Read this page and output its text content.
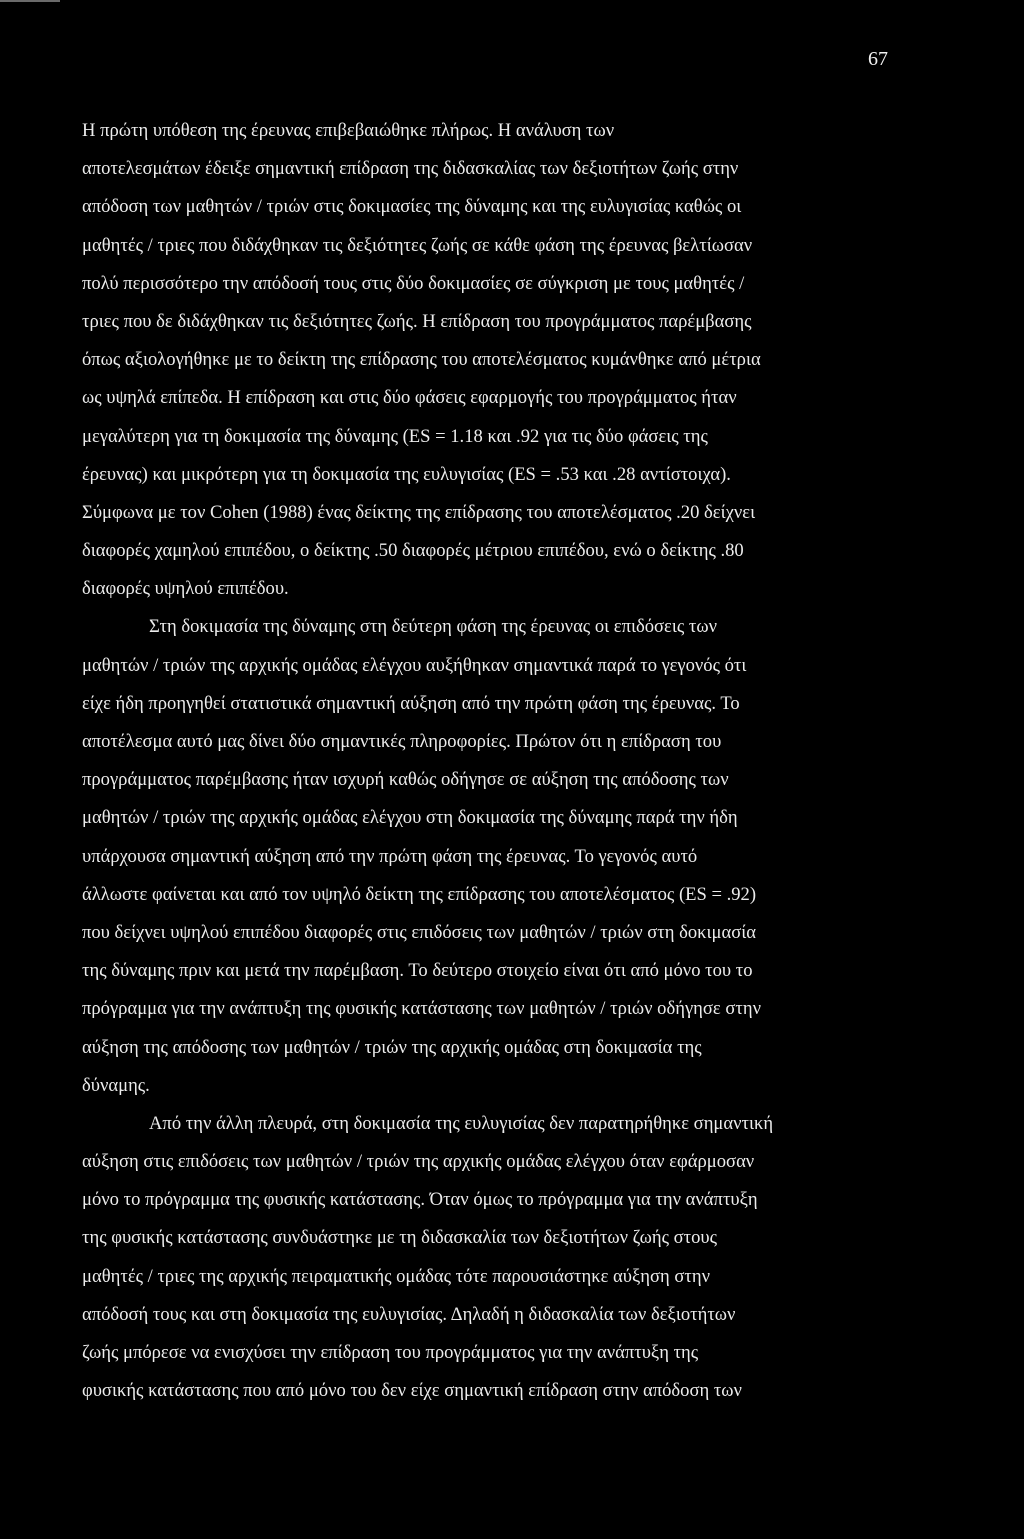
67
Η πρώτη υπόθεση της έρευνας επιβεβαιώθηκε πλήρως. Η ανάλυση των
αποτελεσμάτων έδειξε σημαντική επίδραση της διδασκαλίας των δεξιοτήτων ζωής στην
απόδοση των μαθητών / τριών στις δοκιμασίες της δύναμης και της ευλυγισίας καθώς οι
μαθητές / τριες που διδάχθηκαν τις δεξιότητες ζωής σε κάθε φάση της έρευνας βελτίωσαν
πολύ περισσότερο την απόδοσή τους στις δύο δοκιμασίες σε σύγκριση με τους μαθητές /
τριες που δε διδάχθηκαν τις δεξιότητες ζωής. Η επίδραση του προγράμματος παρέμβασης
όπως αξιολογήθηκε με το δείκτη της επίδρασης του αποτελέσματος κυμάνθηκε από μέτρια
ως υψηλά επίπεδα. Η επίδραση και στις δύο φάσεις εφαρμογής του προγράμματος ήταν
μεγαλύτερη για τη δοκιμασία της δύναμης (ES = 1.18 και .92 για τις δύο φάσεις της
έρευνας) και μικρότερη για τη δοκιμασία της ευλυγισίας (ES = .53 και .28 αντίστοιχα).
Σύμφωνα με τον Cohen (1988) ένας δείκτης της επίδρασης του αποτελέσματος .20 δείχνει
διαφορές χαμηλού επιπέδου, ο δείκτης .50 διαφορές μέτριου επιπέδου, ενώ ο δείκτης .80
διαφορές υψηλού επιπέδου.
Στη δοκιμασία της δύναμης στη δεύτερη φάση της έρευνας οι επιδόσεις των
μαθητών / τριών της αρχικής ομάδας ελέγχου αυξήθηκαν σημαντικά παρά το γεγονός ότι
είχε ήδη προηγηθεί στατιστικά σημαντική αύξηση από την πρώτη φάση της έρευνας. Το
αποτέλεσμα αυτό μας δίνει δύο σημαντικές πληροφορίες. Πρώτον ότι η επίδραση του
προγράμματος παρέμβασης ήταν ισχυρή καθώς οδήγησε σε αύξηση της απόδοσης των
μαθητών / τριών της αρχικής ομάδας ελέγχου στη δοκιμασία της δύναμης παρά την ήδη
υπάρχουσα σημαντική αύξηση από την πρώτη φάση της έρευνας. Το γεγονός αυτό
άλλωστε φαίνεται και από τον υψηλό δείκτη της επίδρασης του αποτελέσματος (ES = .92)
που δείχνει υψηλού επιπέδου διαφορές στις επιδόσεις των μαθητών / τριών στη δοκιμασία
της δύναμης πριν και μετά την παρέμβαση. Το δεύτερο στοιχείο είναι ότι από μόνο του το
πρόγραμμα για την ανάπτυξη της φυσικής κατάστασης των μαθητών / τριών οδήγησε στην
αύξηση της απόδοσης των μαθητών / τριών της αρχικής ομάδας στη δοκιμασία της
δύναμης.
Από την άλλη πλευρά, στη δοκιμασία της ευλυγισίας δεν παρατηρήθηκε σημαντική
αύξηση στις επιδόσεις των μαθητών / τριών της αρχικής ομάδας ελέγχου όταν εφάρμοσαν
μόνο το πρόγραμμα της φυσικής κατάστασης. Όταν όμως το πρόγραμμα για την ανάπτυξη
της φυσικής κατάστασης συνδυάστηκε με τη διδασκαλία των δεξιοτήτων ζωής στους
μαθητές / τριες της αρχικής πειραματικής ομάδας τότε παρουσιάστηκε αύξηση στην
απόδοσή τους και στη δοκιμασία της ευλυγισίας. Δηλαδή η διδασκαλία των δεξιοτήτων
ζωής μπόρεσε να ενισχύσει την επίδραση του προγράμματος για την ανάπτυξη της
φυσικής κατάστασης που από μόνο του δεν είχε σημαντική επίδραση στην απόδοση των
